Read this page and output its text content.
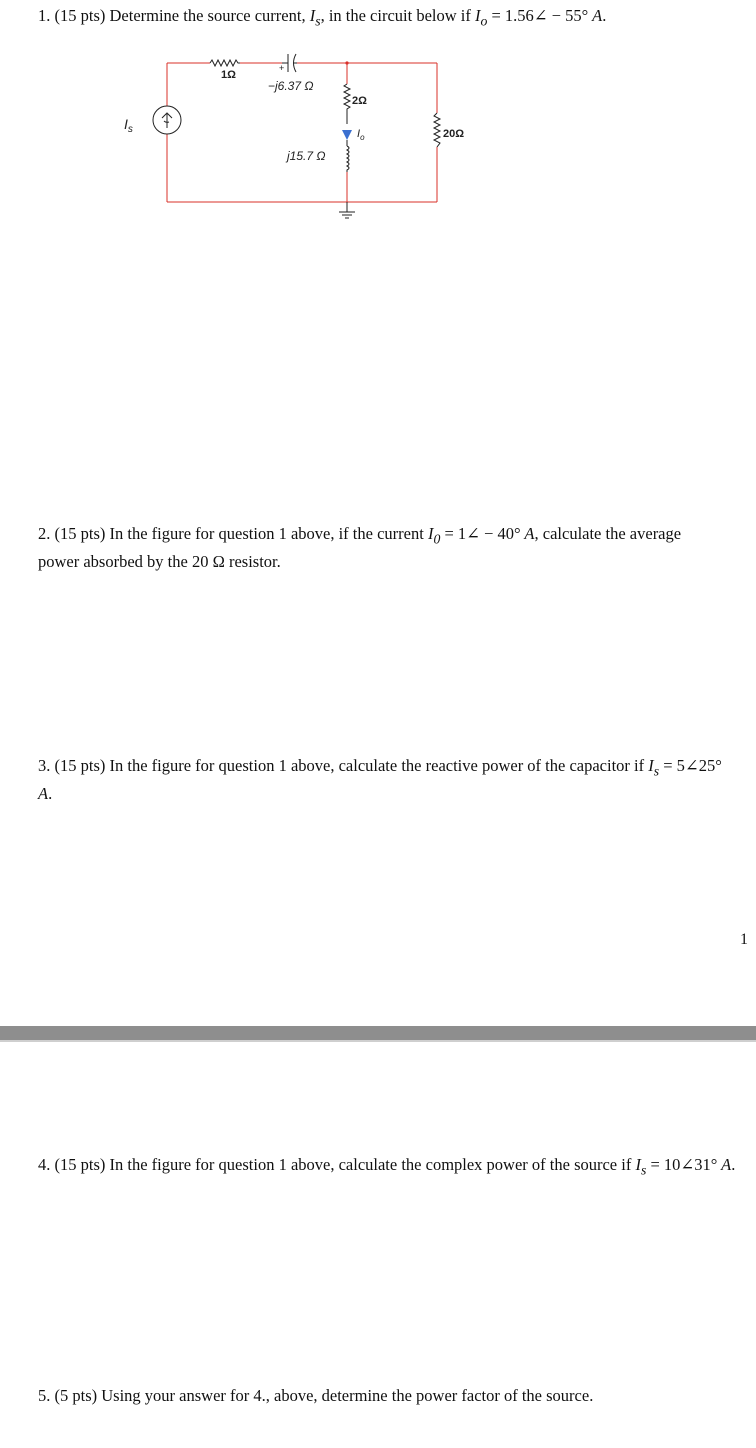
1. (15 pts) Determine the source current, $I_s$, in the circuit below if $I_o$ = 1.56∠ − 55° A.
1Ω
+
−j6.37 Ω
2Ω
$I_o$
j15.7 Ω
20Ω
$I_s$
2. (15 pts) In the figure for question 1 above, if the current $I_0$ = 1∠ − 40° A, calculate the average power absorbed by the 20 Ω resistor.
3. (15 pts) In the figure for question 1 above, calculate the reactive power of the capacitor if $I_s$ = 5∠25° A.
1
4. (15 pts) In the figure for question 1 above, calculate the complex power of the source if $I_s$ = 10∠31° A.
5. (5 pts) Using your answer for 4., above, determine the power factor of the source.
